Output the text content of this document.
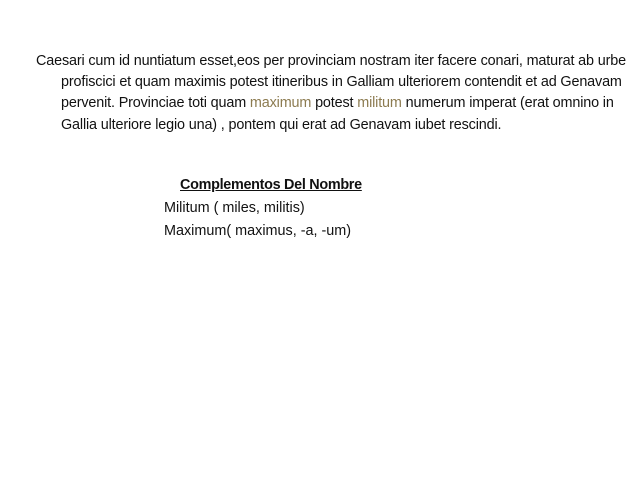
Caesari cum id nuntiatum esset,eos per provinciam nostram iter facere conari, maturat ab urbe profiscici et quam maximis potest itineribus in Galliam ulteriorem contendit et ad Genavam pervenit. Provinciae toti quam maximum potest militum numerum imperat (erat omnino in Gallia ulteriore legio una) , pontem qui erat ad Genavam iubet rescindi.

Complementos Del Nombre
Militum ( miles, militis)
Maximum( maximus, -a, -um)
